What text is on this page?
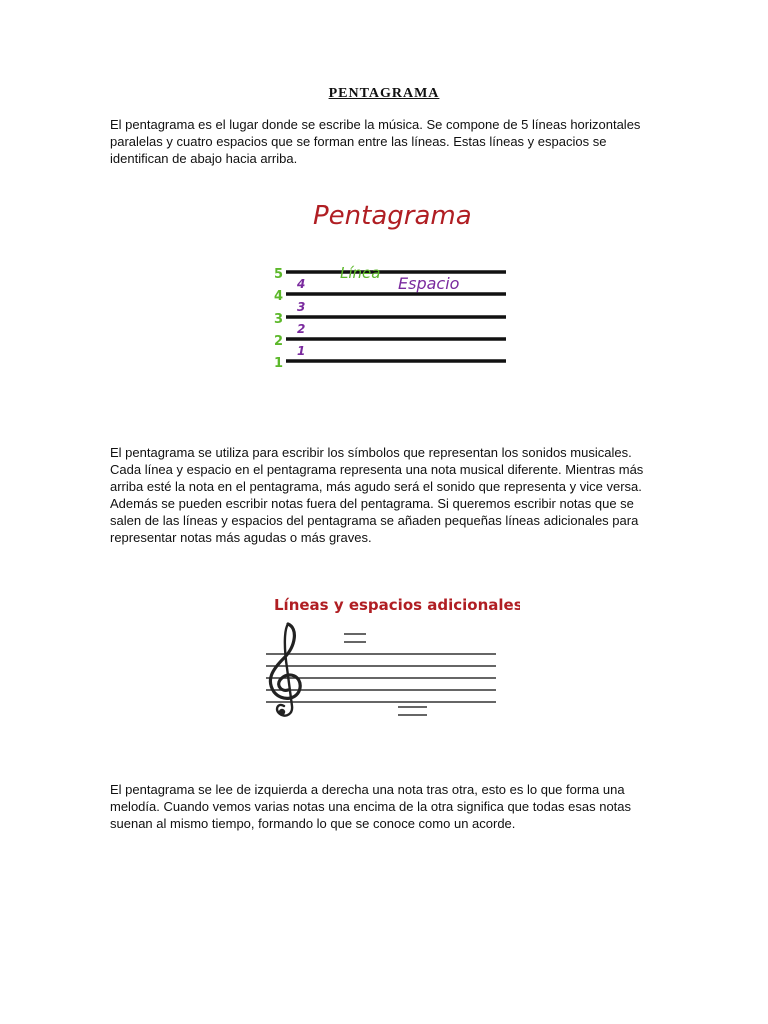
PENTAGRAMA

El pentagrama es el lugar donde se escribe la música. Se compone de 5 líneas horizontales paralelas y cuatro espacios que se forman entre las líneas. Estas líneas y espacios se identifican de abajo hacia arriba.

Pentagrama
5
4
3
2
1
4
3
2
1
Línea
Espacio

El pentagrama se utiliza para escribir los símbolos que representan los sonidos musicales. Cada línea y espacio en el pentagrama representa una nota musical diferente. Mientras más arriba esté la nota en el pentagrama, más agudo será el sonido que representa y vice versa. Además se pueden escribir notas fuera del pentagrama. Si queremos escribir notas que se salen de las líneas y espacios del pentagrama se añaden pequeñas líneas adicionales para representar notas más agudas o más graves.

Líneas y espacios adicionales

El pentagrama se lee de izquierda a derecha una nota tras otra, esto es lo que forma una melodía. Cuando vemos varias notas una encima de la otra significa que todas esas notas suenan al mismo tiempo, formando lo que se conoce como un acorde.
